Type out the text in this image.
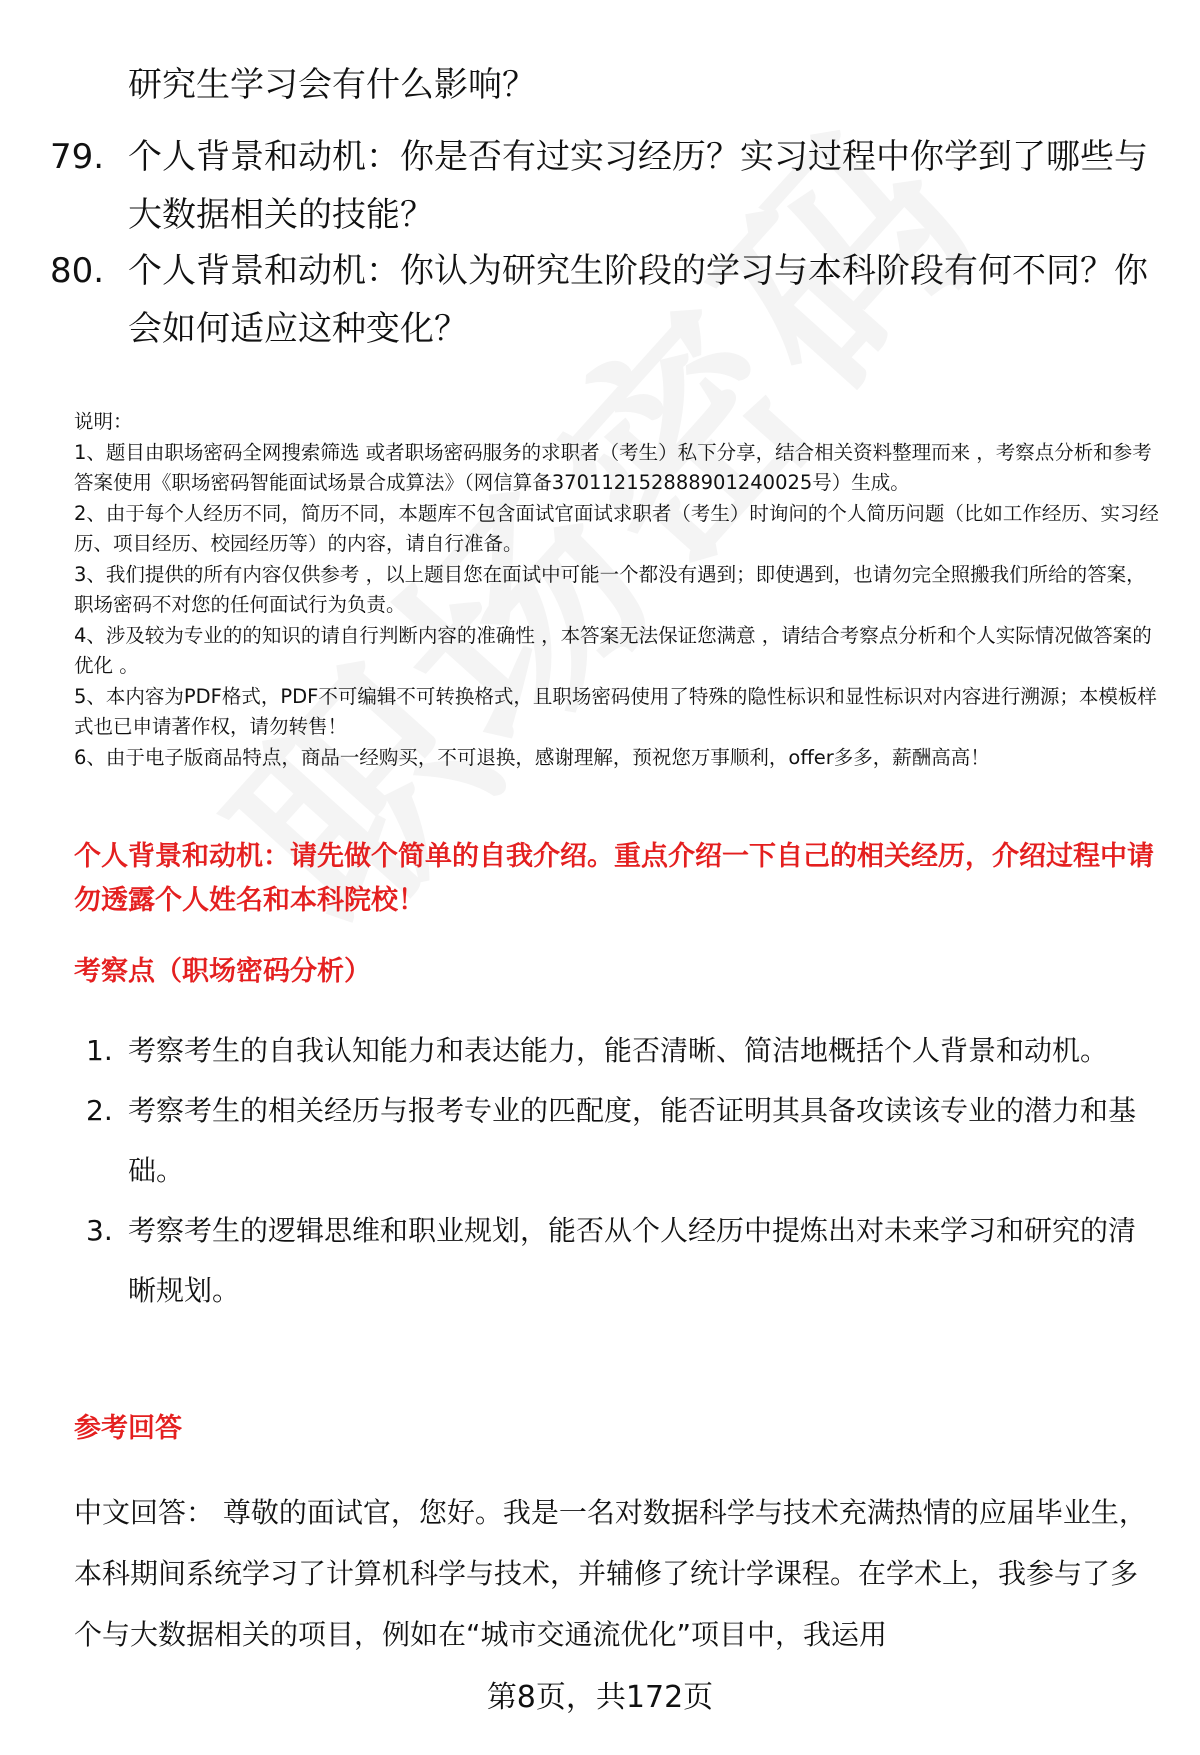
研究生学习会有什么影响？
79. 个人背景和动机：你是否有过实习经历？实习过程中你学到了哪些与大数据相关的技能？
80. 个人背景和动机：你认为研究生阶段的学习与本科阶段有何不同？你会如何适应这种变化？
说明：
1、题目由职场密码全网搜索筛选 或者职场密码服务的求职者（考生）私下分享，结合相关资料整理而来 ，考察点分析和参考答案使用《职场密码智能面试场景合成算法》（网信算备370112152888901240025号）生成。
2、由于每个人经历不同，简历不同，本题库不包含面试官面试求职者（考生）时询问的个人简历问题（比如工作经历、实习经历、项目经历、校园经历等）的内容，请自行准备。
3、我们提供的所有内容仅供参考 ，以上题目您在面试中可能一个都没有遇到；即使遇到，也请勿完全照搬我们所给的答案，职场密码不对您的任何面试行为负责。
4、涉及较为专业的的知识的请自行判断内容的准确性 ，本答案无法保证您满意 ，请结合考察点分析和个人实际情况做答案的优化 。
5、本内容为PDF格式，PDF不可编辑不可转换格式，且职场密码使用了特殊的隐性标识和显性标识对内容进行溯源；本模板样式也已申请著作权，请勿转售！
6、由于电子版商品特点，商品一经购买，不可退换，感谢理解，预祝您万事顺利，offer多多，薪酬高高！
个人背景和动机：请先做个简单的自我介绍。重点介绍一下自己的相关经历，介绍过程中请勿透露个人姓名和本科院校！
考察点（职场密码分析）
1. 考察考生的自我认知能力和表达能力，能否清晰、简洁地概括个人背景和动机。
2. 考察考生的相关经历与报考专业的匹配度，能否证明其具备攻读该专业的潜力和基础。
3. 考察考生的逻辑思维和职业规划，能否从个人经历中提炼出对未来学习和研究的清晰规划。
参考回答
中文回答： 尊敬的面试官，您好。我是一名对数据科学与技术充满热情的应届毕业生，本科期间系统学习了计算机科学与技术，并辅修了统计学课程。在学术上，我参与了多个与大数据相关的项目，例如在“城市交通流优化”项目中，我运用
第8页，共172页
